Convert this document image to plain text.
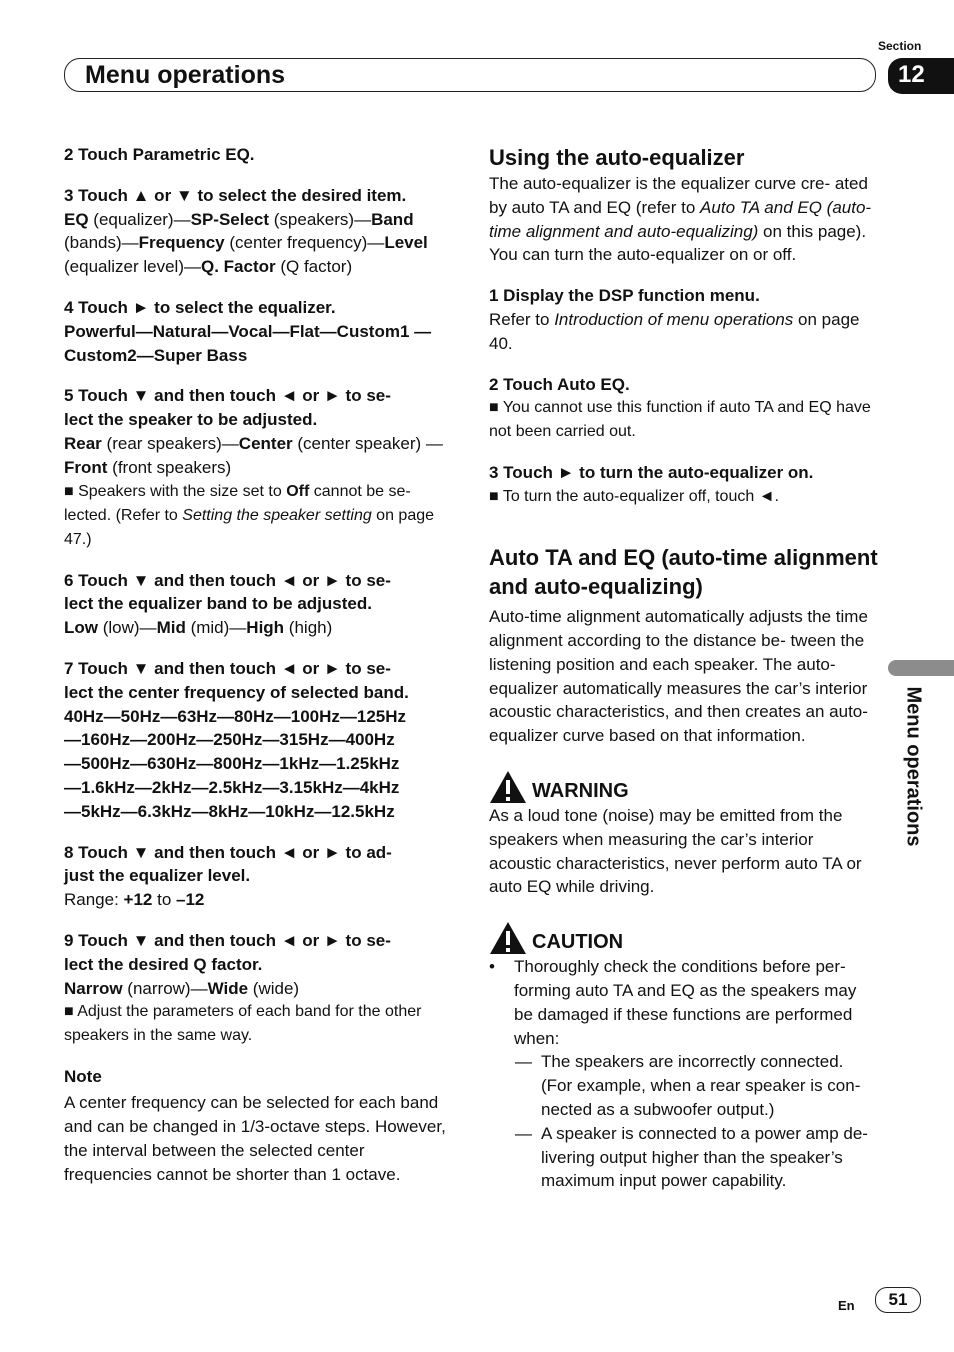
Section
Menu operations	12
Menu operations

2 Touch Parametric EQ.

3 Touch ▲ or ▼ to select the desired item.

EQ (equalizer)—SP-Select (speakers)—Band (bands)—Frequency (center frequency)—Level (equalizer level)—Q. Factor (Q factor)

4 Touch ► to select the equalizer.

Powerful—Natural—Vocal—Flat—Custom1 —Custom2—Super Bass

5 Touch ▼ and then touch ◄ or ► to se-

lect the speaker to be adjusted.

Rear (rear speakers)—Center (center speaker) —Front (front speakers)

■ Speakers with the size set to Off cannot be se- lected. (Refer to Setting the speaker setting on page 47.)

6 Touch ▼ and then touch ◄ or ► to se-

lect the equalizer band to be adjusted.

Low (low)—Mid (mid)—High (high)

7 Touch ▼ and then touch ◄ or ► to se-

lect the center frequency of selected band.

40Hz—50Hz—63Hz—80Hz—100Hz—125Hz

—160Hz—200Hz—250Hz—315Hz—400Hz

—500Hz—630Hz—800Hz—1kHz—1.25kHz

—1.6kHz—2kHz—2.5kHz—3.15kHz—4kHz

—5kHz—6.3kHz—8kHz—10kHz—12.5kHz

8 Touch ▼ and then touch ◄ or ► to ad-

just the equalizer level.

Range: +12 to –12

9 Touch ▼ and then touch ◄ or ► to se-

lect the desired Q factor.

Narrow (narrow)—Wide (wide)

■ Adjust the parameters of each band for the other speakers in the same way.

Note

A center frequency can be selected for each band and can be changed in 1/3-octave steps. However, the interval between the selected center frequencies cannot be shorter than 1 octave.

Using the auto-equalizer

The auto-equalizer is the equalizer curve cre- ated by auto TA and EQ (refer to Auto TA and EQ (auto-time alignment and auto-equalizing) on this page).

You can turn the auto-equalizer on or off.

1 Display the DSP function menu.

Refer to Introduction of menu operations on page 40.

2 Touch Auto EQ.

■ You cannot use this function if auto TA and EQ have not been carried out.

3 Touch ► to turn the auto-equalizer on.

■ To turn the auto-equalizer off, touch ◄.

Auto TA and EQ (auto-time alignment and auto-equalizing)

Auto-time alignment automatically adjusts the time alignment according to the distance be- tween the listening position and each speaker. The auto-equalizer automatically measures the car’s interior acoustic characteristics, and then creates an auto-equalizer curve based on that information.

WARNING

As a loud tone (noise) may be emitted from the speakers when measuring the car’s interior acoustic characteristics, never perform auto TA or auto EQ while driving.

CAUTION

• Thoroughly check the conditions before per- forming auto TA and EQ as the speakers may be damaged if these functions are performed when:

— The speakers are incorrectly connected. (For example, when a rear speaker is con- nected as a subwoofer output.)

— A speaker is connected to a power amp de- livering output higher than the speaker’s maximum input power capability.

En	51
